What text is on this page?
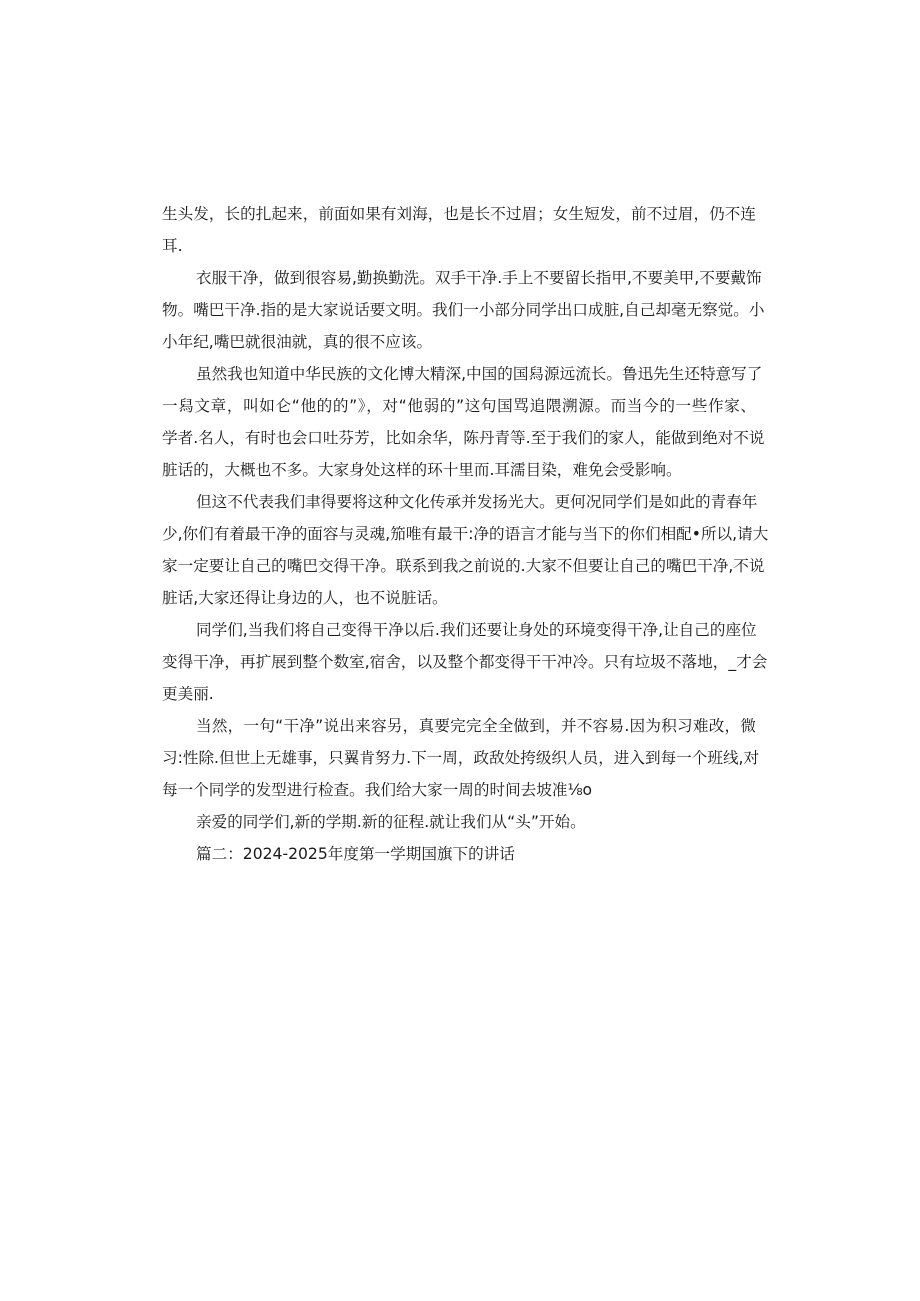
生头发，长的扎起来，前面如果有刘海，也是长不过眉；女生短发，前不过眉，仍不连
耳.
衣服干净，做到很容易,勤换勤洗。双手干净.手上不要留长指甲,不要美甲,不要戴饰
物。嘴巴干净.指的是大家说话要文明。我们一小部分同学出口成脏,自己却毫无察觉。小
小年纪,嘴巴就很油就，真的很不应该。
虽然我也知道中华民族的文化博大精深,中国的国舄源远流长。鲁迅先生还特意写了
一舄文章，叫如仑“他的的”》，对“他弱的”这句国骂追隈溯源。而当今的一些作家、
学者.名人，有时也会口吐芬芳，比如余华，陈丹青等.至于我们的家人，能做到绝对不说
脏话的，大概也不多。大家身处这样的环十里而.耳濡目染，难免会受影响。
但这不代表我们聿得要将这种文化传承并发扬光大。更何况同学们是如此的青春年
少,你们有着最干净的面容与灵魂,笳唯有最干:净的语言才能与当下的你们相配•所以,请大
家一定要让自己的嘴巴交得干净。联系到我之前说的.大家不但要让自己的嘴巴干净,不说
脏话,大家还得让身边的人，也不说脏话。
同学们,当我们将自己变得干净以后.我们还要让身处的环境变得干净,让自己的座位
变得干净，再扩展到整个数室,宿舍，以及整个都变得干干冲冷。只有垃圾不落地，_才会
更美丽.
当然，一句“干净”说出来容另，真要完完全全做到，并不容易.因为积习难改，微
习:性除.但世上无雄事，只翼肯努力.下一周，政敌处挎级织人员，进入到每一个班线,对
每一个同学的发型进行检查。我们给大家一周的时间去坡准⅛o
亲爱的同学们,新的学期.新的征程.就让我们从“头”开始。
篇二：2024-2025年度第一学期国旗下的讲话
